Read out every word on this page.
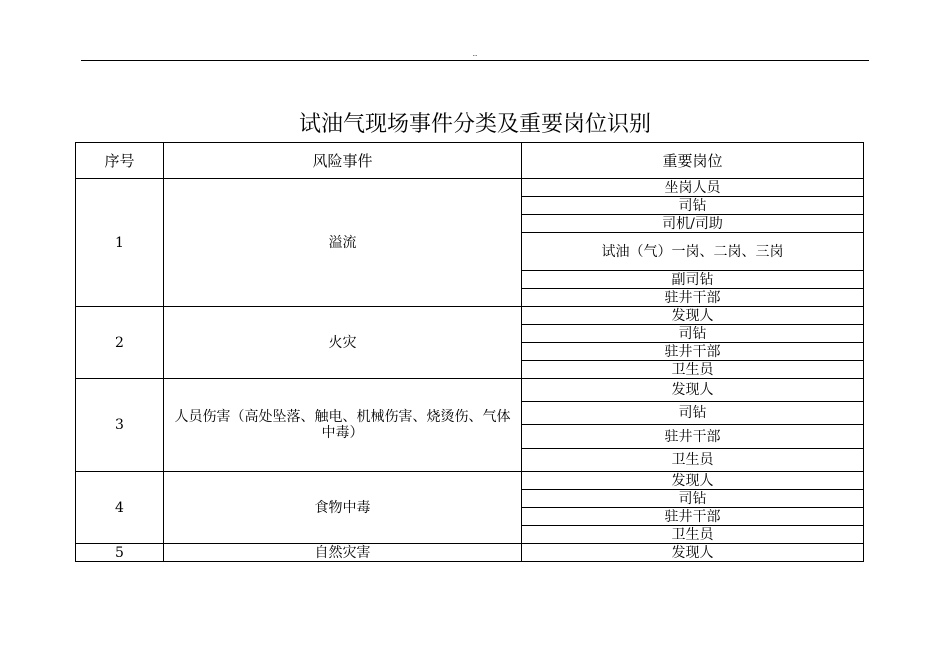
..
试油气现场事件分类及重要岗位识别
序号	风险事件	重要岗位
1	溢流	坐岗人员
		司钻
		司机/司助
		试油（气）一岗、二岗、三岗
		副司钻
		驻井干部
2	火灾	发现人
		司钻
		驻井干部
		卫生员
3	人员伤害（高处坠落、触电、机械伤害、烧烫伤、气体中毒）	发现人
		司钻
		驻井干部
		卫生员
4	食物中毒	发现人
		司钻
		驻井干部
		卫生员
5	自然灾害	发现人
